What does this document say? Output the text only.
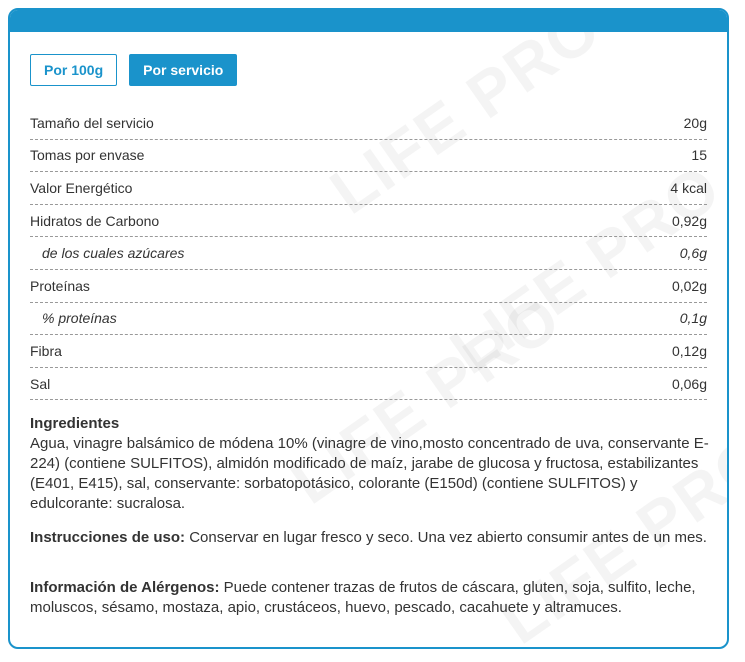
Por 100g	Por servicio
Tamaño del servicio	20g
Tomas por envase	15
Valor Energético	4 kcal
Hidratos de Carbono	0,92g
de los cuales azúcares	0,6g
Proteínas	0,02g
% proteínas	0,1g
Fibra	0,12g
Sal	0,06g
Ingredientes
Agua, vinagre balsámico de módena 10% (vinagre de vino,mosto concentrado de uva, conservante E-224) (contiene SULFITOS), almidón modificado de maíz, jarabe de glucosa y fructosa, estabilizantes (E401, E415), sal, conservante: sorbatopotásico, colorante (E150d) (contiene SULFITOS) y edulcorante: sucralosa.
Instrucciones de uso: Conservar en lugar fresco y seco. Una vez abierto consumir antes de un mes.
Información de Alérgenos: Puede contener trazas de frutos de cáscara, gluten, soja, sulfito, leche, moluscos, sésamo, mostaza, apio, crustáceos, huevo, pescado, cacahuete y altramuces.
